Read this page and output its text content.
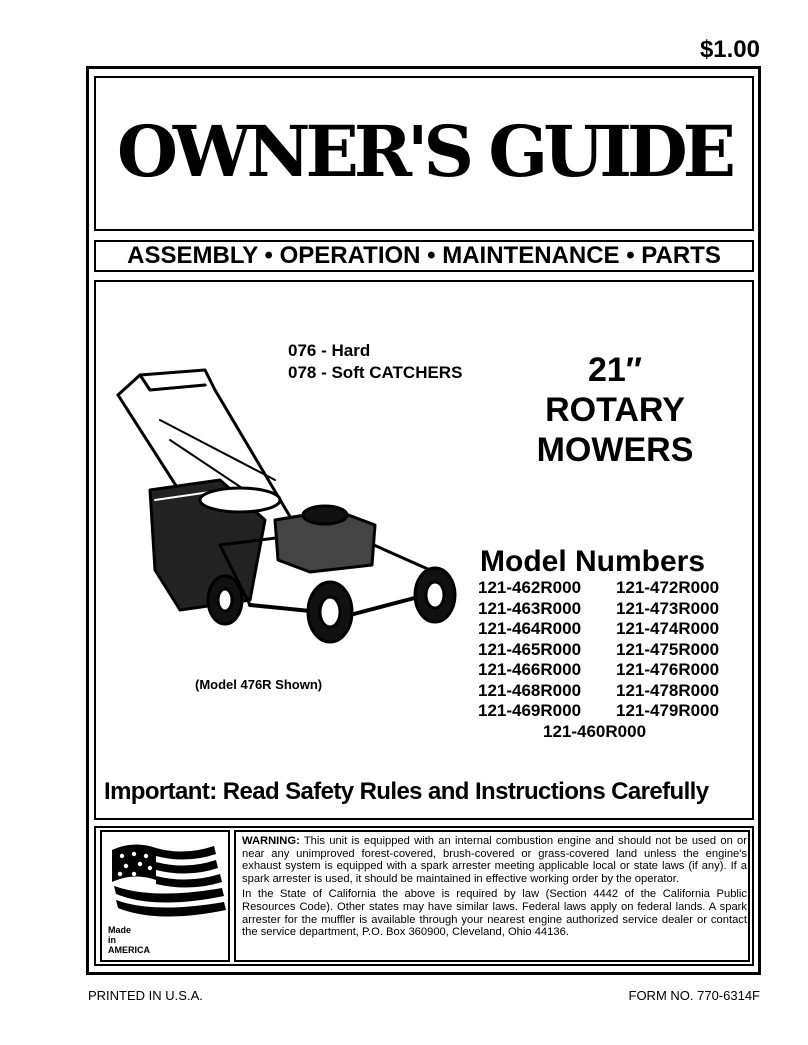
$1.00
OWNER'S GUIDE
ASSEMBLY • OPERATION • MAINTENANCE • PARTS
076 - Hard
078 - Soft CATCHERS	21″
ROTARY
MOWERS
(Model 476R Shown)
Model Numbers
121-462R000	121-472R000
121-463R000	121-473R000
121-464R000	121-474R000
121-465R000	121-475R000
121-466R000	121-476R000
121-468R000	121-478R000
121-469R000	121-479R000
121-460R000
Important: Read Safety Rules and Instructions Carefully
Made
in
AMERICA

WARNING: This unit is equipped with an internal combustion engine and should not be used on or near any unimproved forest-covered, brush-covered or grass-covered land unless the engine's exhaust system is equipped with a spark arrester meeting applicable local or state laws (if any). If a spark arrester is used, it should be maintained in effective working order by the operator.

In the State of California the above is required by law (Section 4442 of the California Public Resources Code). Other states may have similar laws. Federal laws apply on federal lands. A spark arrester for the muffler is available through your nearest engine authorized service dealer or contact the service department, P.O. Box 360900, Cleveland, Ohio 44136.

PRINTED IN U.S.A.	FORM NO. 770-6314F
